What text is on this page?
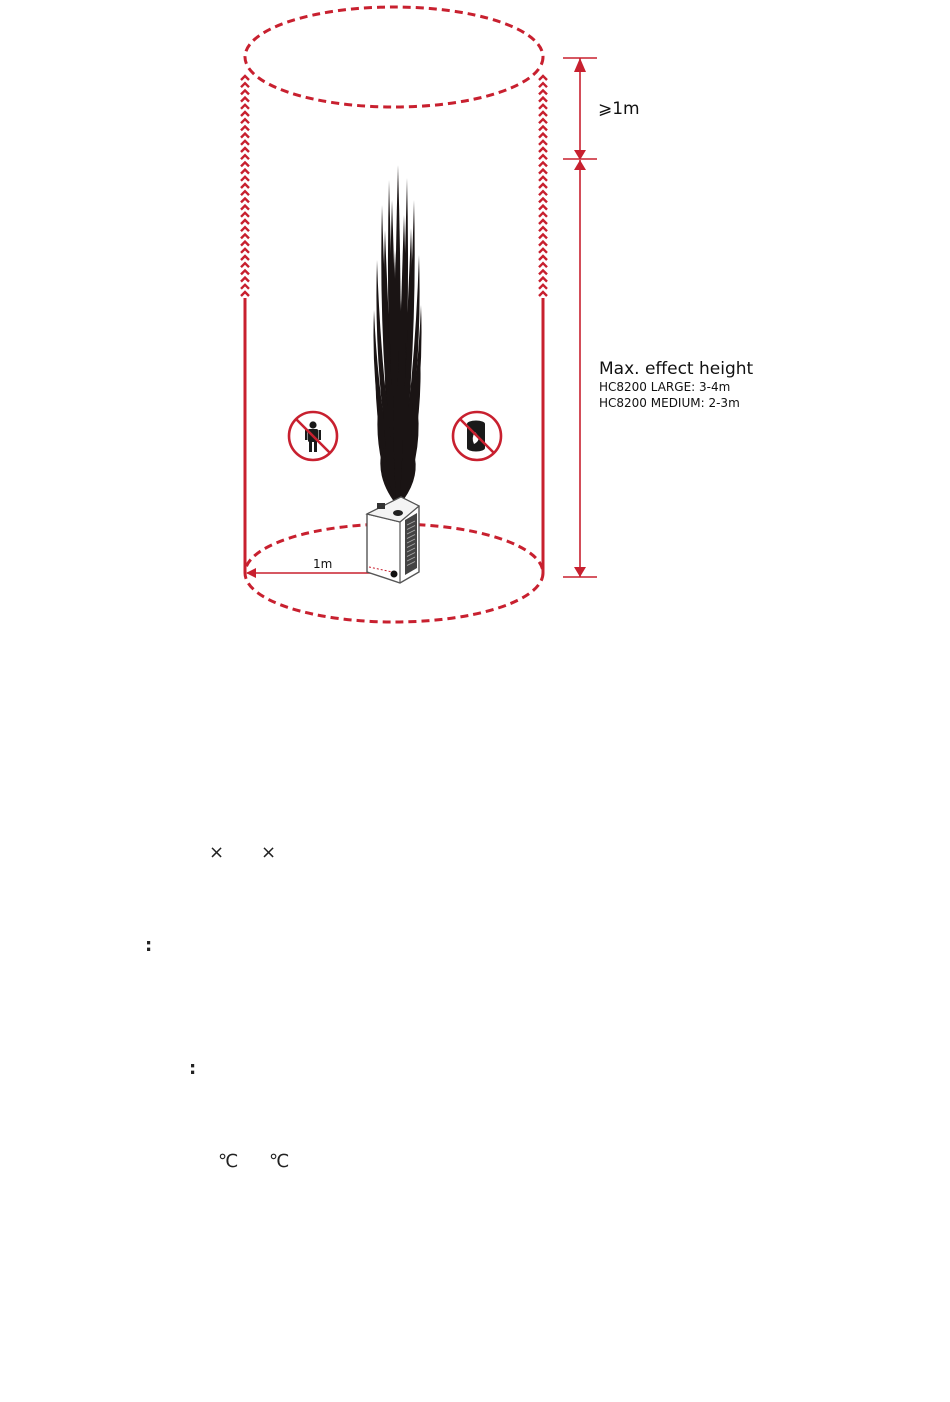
⩾1m
Max. effect height
HC8200 LARGE: 3-4m
HC8200 MEDIUM: 2-3m
1m
× ×
:
:
℃ ℃
